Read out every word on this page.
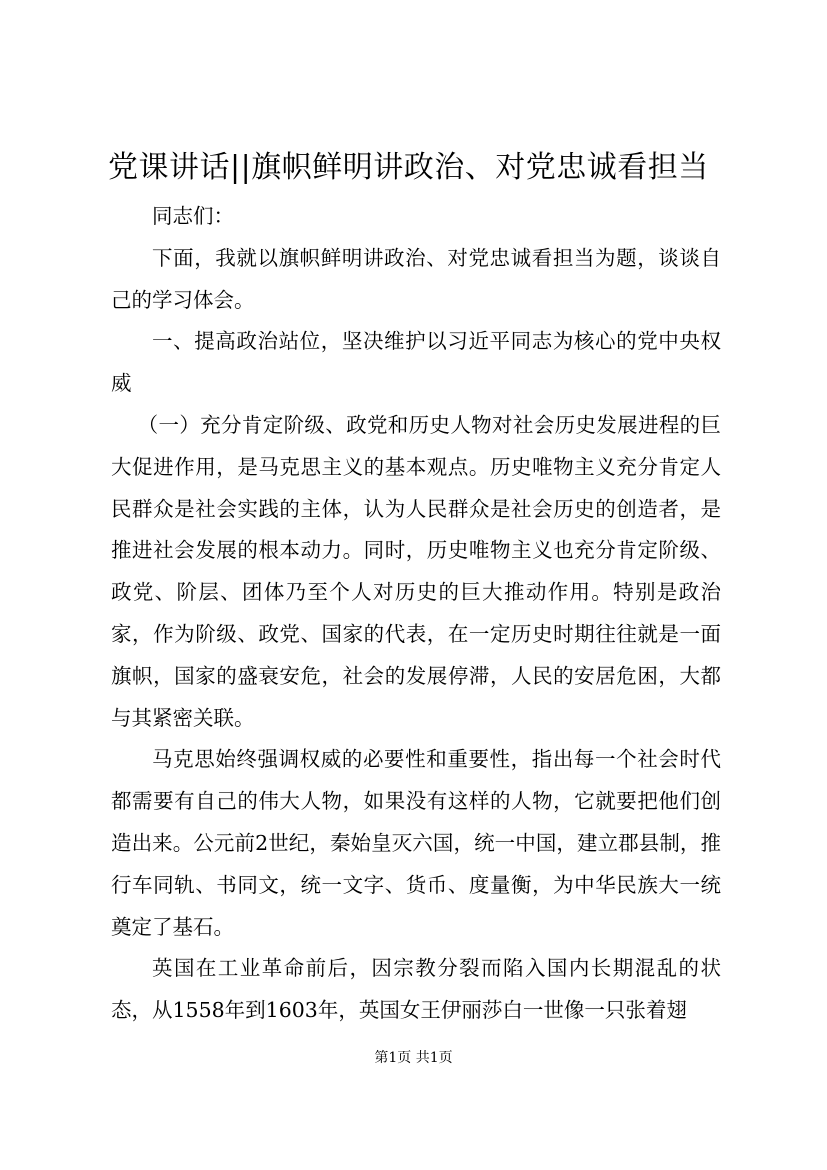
党课讲话||旗帜鲜明讲政治、对党忠诚看担当

同志们：

下面，我就以旗帜鲜明讲政治、对党忠诚看担当为题，谈谈自己的学习体会。

一、提高政治站位，坚决维护以习近平同志为核心的党中央权威

（一）充分肯定阶级、政党和历史人物对社会历史发展进程的巨大促进作用，是马克思主义的基本观点。历史唯物主义充分肯定人民群众是社会实践的主体，认为人民群众是社会历史的创造者，是推进社会发展的根本动力。同时，历史唯物主义也充分肯定阶级、政党、阶层、团体乃至个人对历史的巨大推动作用。特别是政治家，作为阶级、政党、国家的代表，在一定历史时期往往就是一面旗帜，国家的盛衰安危，社会的发展停滞，人民的安居危困，大都与其紧密关联。

马克思始终强调权威的必要性和重要性，指出每一个社会时代都需要有自己的伟大人物，如果没有这样的人物，它就要把他们创造出来。公元前2世纪，秦始皇灭六国，统一中国，建立郡县制，推行车同轨、书同文，统一文字、货币、度量衡，为中华民族大一统奠定了基石。

英国在工业革命前后，因宗教分裂而陷入国内长期混乱的状态，从1558年到1603年，英国女王伊丽莎白一世像一只张着翅

第1页 共1页
